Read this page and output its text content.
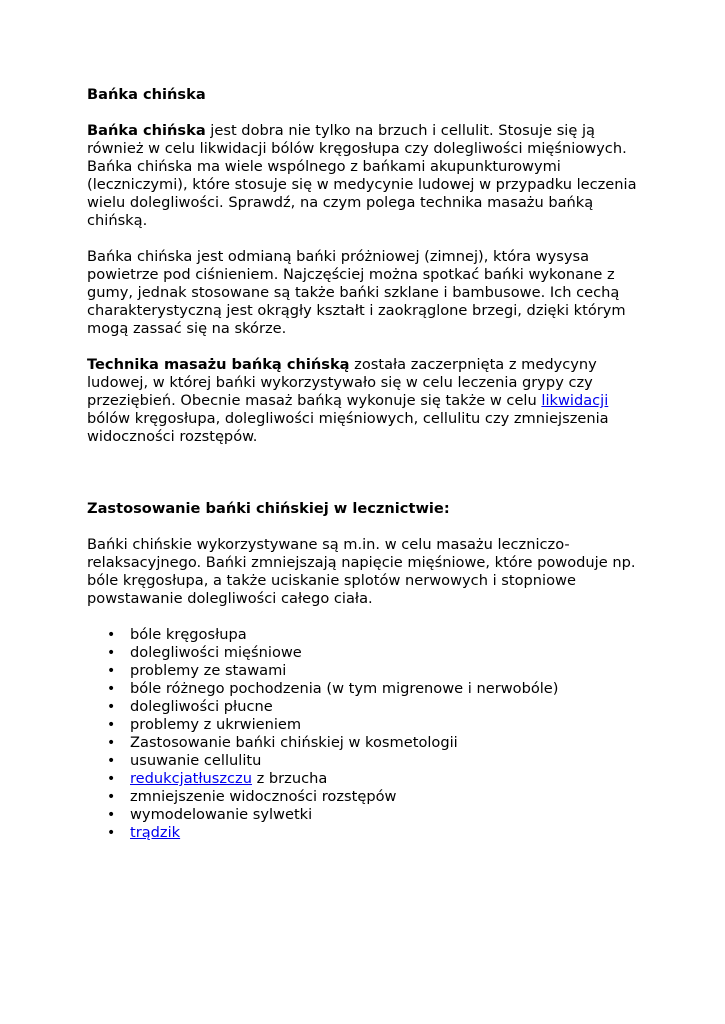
Bańka chińska

Bańka chińska jest dobra nie tylko na brzuch i cellulit. Stosuje się ją również w celu likwidacji bólów kręgosłupa czy dolegliwości mięśniowych. Bańka chińska ma wiele wspólnego z bańkami akupunkturowymi (leczniczymi), które stosuje się w medycynie ludowej w przypadku leczenia wielu dolegliwości. Sprawdź, na czym polega technika masażu bańką chińską.

Bańka chińska jest odmianą bańki próżniowej (zimnej), która wysysa powietrze pod ciśnieniem. Najczęściej można spotkać bańki wykonane z gumy, jednak stosowane są także bańki szklane i bambusowe. Ich cechą charakterystyczną jest okrągły kształt i zaokrąglone brzegi, dzięki którym mogą zassać się na skórze.

Technika masażu bańką chińską została zaczerpnięta z medycyny ludowej, w której bańki wykorzystywało się w celu leczenia grypy czy przeziębień. Obecnie masaż bańką wykonuje się także w celu likwidacji bólów kręgosłupa, dolegliwości mięśniowych, cellulitu czy zmniejszenia widoczności rozstępów.

Zastosowanie bańki chińskiej w lecznictwie:

Bańki chińskie wykorzystywane są m.in. w celu masażu leczniczo-relaksacyjnego. Bańki zmniejszają napięcie mięśniowe, które powoduje np. bóle kręgosłupa, a także uciskanie splotów nerwowych i stopniowe powstawanie dolegliwości całego ciała.

• bóle kręgosłupa
• dolegliwości mięśniowe
• problemy ze stawami
• bóle różnego pochodzenia (w tym migrenowe i nerwobóle)
• dolegliwości płucne
• problemy z ukrwieniem
• Zastosowanie bańki chińskiej w kosmetologii
• usuwanie cellulitu
• redukcjatłuszczu z brzucha
• zmniejszenie widoczności rozstępów
• wymodelowanie sylwetki
• trądzik
